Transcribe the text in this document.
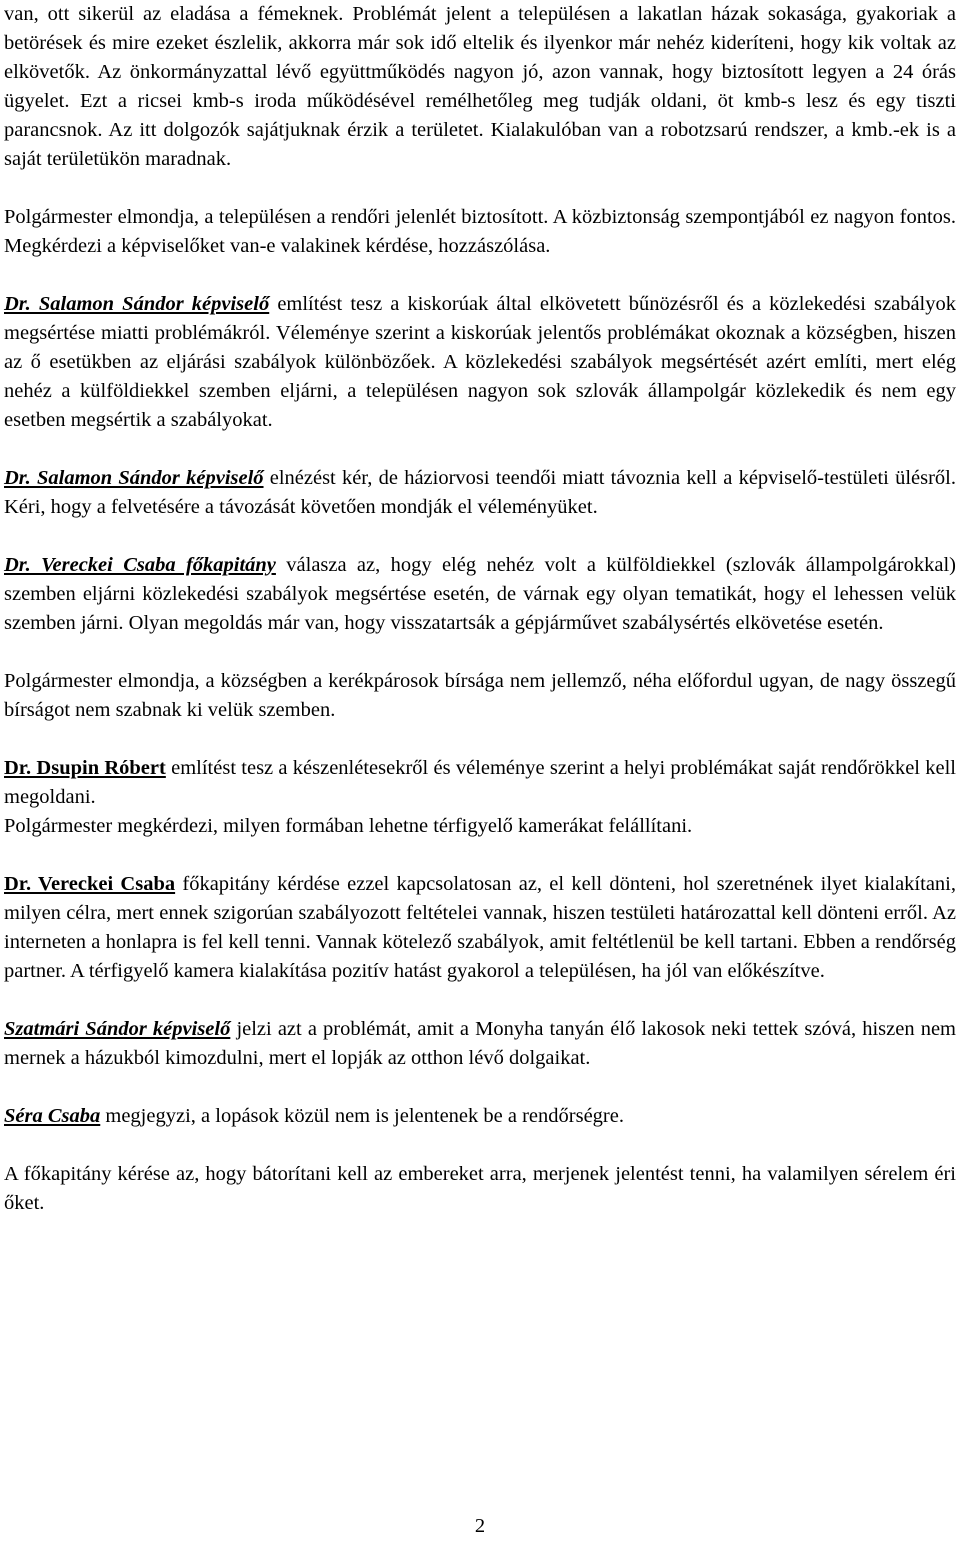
van, ott sikerül az eladása a fémeknek. Problémát jelent a településen a lakatlan házak sokasága, gyakoriak a betörések és mire ezeket észlelik, akkorra már sok idő eltelik és ilyenkor már nehéz kideríteni, hogy kik voltak az elkövetők. Az önkormányzattal lévő együttműködés nagyon jó, azon vannak, hogy biztosított legyen a 24 órás ügyelet. Ezt a ricsei kmb-s iroda működésével remélhetőleg meg tudják oldani, öt kmb-s lesz és egy tiszti parancsnok. Az itt dolgozók sajátjuknak érzik a területet. Kialakulóban van a robotzsarú rendszer, a kmb.-ek is a saját területükön maradnak.

Polgármester elmondja, a településen a rendőri jelenlét biztosított. A közbiztonság szempontjából ez nagyon fontos. Megkérdezi a képviselőket van-e valakinek kérdése, hozzászólása.

Dr. Salamon Sándor képviselő említést tesz a kiskorúak által elkövetett bűnözésről és a közlekedési szabályok megsértése miatti problémákról. Véleménye szerint a kiskorúak jelentős problémákat okoznak a községben, hiszen az ő esetükben az eljárási szabályok különbözőek. A közlekedési szabályok megsértését azért említi, mert elég nehéz a külföldiekkel szemben eljárni, a településen nagyon sok szlovák állampolgár közlekedik és nem egy esetben megsértik a szabályokat.

Dr. Salamon Sándor képviselő elnézést kér, de háziorvosi teendői miatt távoznia kell a képviselő-testületi ülésről. Kéri, hogy a felvetésére a távozását követően mondják el véleményüket.

Dr. Vereckei Csaba főkapitány válasza az, hogy elég nehéz volt a külföldiekkel (szlovák állampolgárokkal) szemben eljárni közlekedési szabályok megsértése esetén, de várnak egy olyan tematikát, hogy el lehessen velük szemben járni. Olyan megoldás már van, hogy visszatartsák a gépjárművet szabálysértés elkövetése esetén.

Polgármester elmondja, a községben a kerékpárosok bírsága nem jellemző, néha előfordul ugyan, de nagy összegű bírságot nem szabnak ki velük szemben.

Dr. Dsupin Róbert említést tesz a készenlétesekről és véleménye szerint a helyi problémákat saját rendőrökkel kell megoldani.

Polgármester megkérdezi, milyen formában lehetne térfigyelő kamerákat felállítani.

Dr. Vereckei Csaba főkapitány kérdése ezzel kapcsolatosan az, el kell dönteni, hol szeretnének ilyet kialakítani, milyen célra, mert ennek szigorúan szabályozott feltételei vannak, hiszen testületi határozattal kell dönteni erről. Az interneten a honlapra is fel kell tenni. Vannak kötelező szabályok, amit feltétlenül be kell tartani. Ebben a rendőrség partner. A térfigyelő kamera kialakítása pozitív hatást gyakorol a településen, ha jól van előkészítve.

Szatmári Sándor képviselő jelzi azt a problémát, amit a Monyha tanyán élő lakosok neki tettek szóvá, hiszen nem mernek a házukból kimozdulni, mert el lopják az otthon lévő dolgaikat.

Séra Csaba megjegyzi, a lopások közül nem is jelentenek be a rendőrségre.

A főkapitány kérése az, hogy bátorítani kell az embereket arra, merjenek jelentést tenni, ha valamilyen sérelem éri őket.

2
